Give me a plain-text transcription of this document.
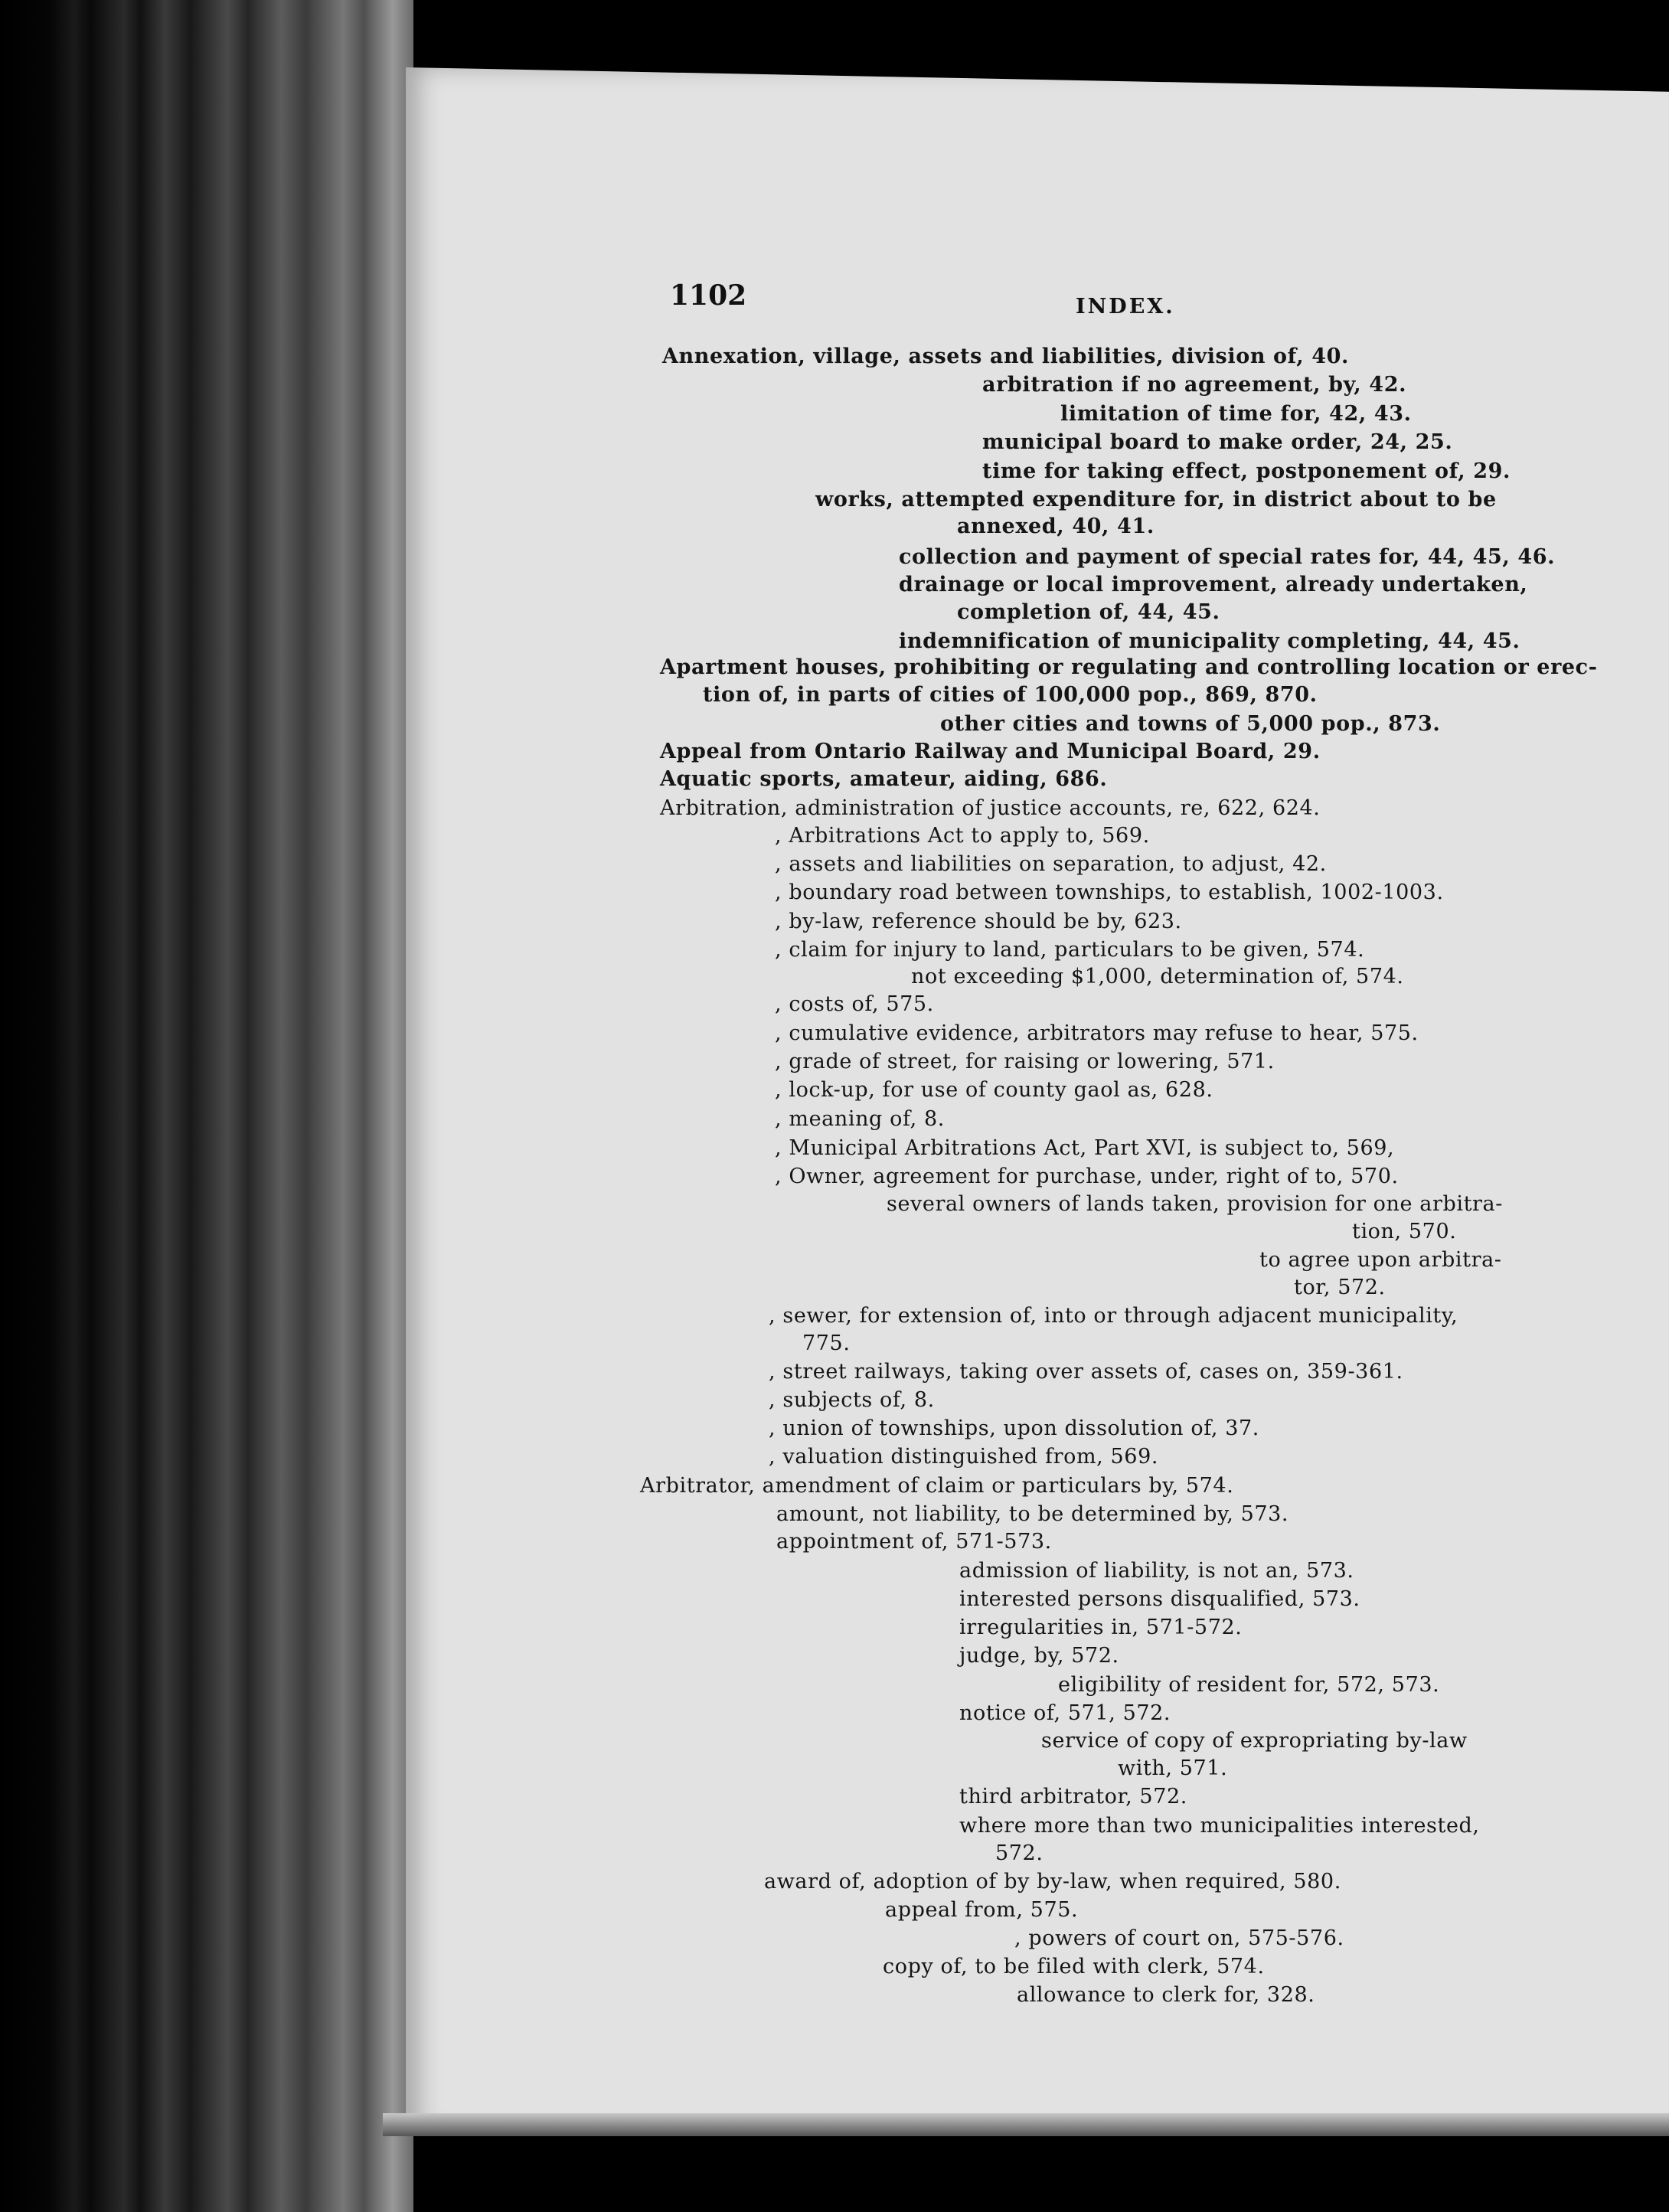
1102	INDEX.
Annexation, village, assets and liabilities, division of, 40.
arbitration if no agreement, by, 42.
limitation of time for, 42, 43.
municipal board to make order, 24, 25.
time for taking effect, postponement of, 29.
works, attempted expenditure for, in district about to be
annexed, 40, 41.
collection and payment of special rates for, 44, 45, 46.
drainage or local improvement, already undertaken,
completion of, 44, 45.
indemnification of municipality completing, 44, 45.
Apartment houses, prohibiting or regulating and controlling location or erec-
tion of, in parts of cities of 100,000 pop., 869, 870.
other cities and towns of 5,000 pop., 873.
Appeal from Ontario Railway and Municipal Board, 29.
Aquatic sports, amateur, aiding, 686.
Arbitration, administration of justice accounts, re, 622, 624.
, Arbitrations Act to apply to, 569.
, assets and liabilities on separation, to adjust, 42.
, boundary road between townships, to establish, 1002-1003.
, by-law, reference should be by, 623.
, claim for injury to land, particulars to be given, 574.
not exceeding $1,000, determination of, 574.
, costs of, 575.
, cumulative evidence, arbitrators may refuse to hear, 575.
, grade of street, for raising or lowering, 571.
, lock-up, for use of county gaol as, 628.
, meaning of, 8.
, Municipal Arbitrations Act, Part XVI, is subject to, 569,
, Owner, agreement for purchase, under, right of to, 570.
several owners of lands taken, provision for one arbitra-
tion, 570.
to agree upon arbitra-
tor, 572.
, sewer, for extension of, into or through adjacent municipality,
775.
, street railways, taking over assets of, cases on, 359-361.
, subjects of, 8.
, union of townships, upon dissolution of, 37.
, valuation distinguished from, 569.
Arbitrator, amendment of claim or particulars by, 574.
amount, not liability, to be determined by, 573.
appointment of, 571-573.
admission of liability, is not an, 573.
interested persons disqualified, 573.
irregularities in, 571-572.
judge, by, 572.
eligibility of resident for, 572, 573.
notice of, 571, 572.
service of copy of expropriating by-law
with, 571.
third arbitrator, 572.
where more than two municipalities interested,
572.
award of, adoption of by by-law, when required, 580.
appeal from, 575.
, powers of court on, 575-576.
copy of, to be filed with clerk, 574.
allowance to clerk for, 328.
